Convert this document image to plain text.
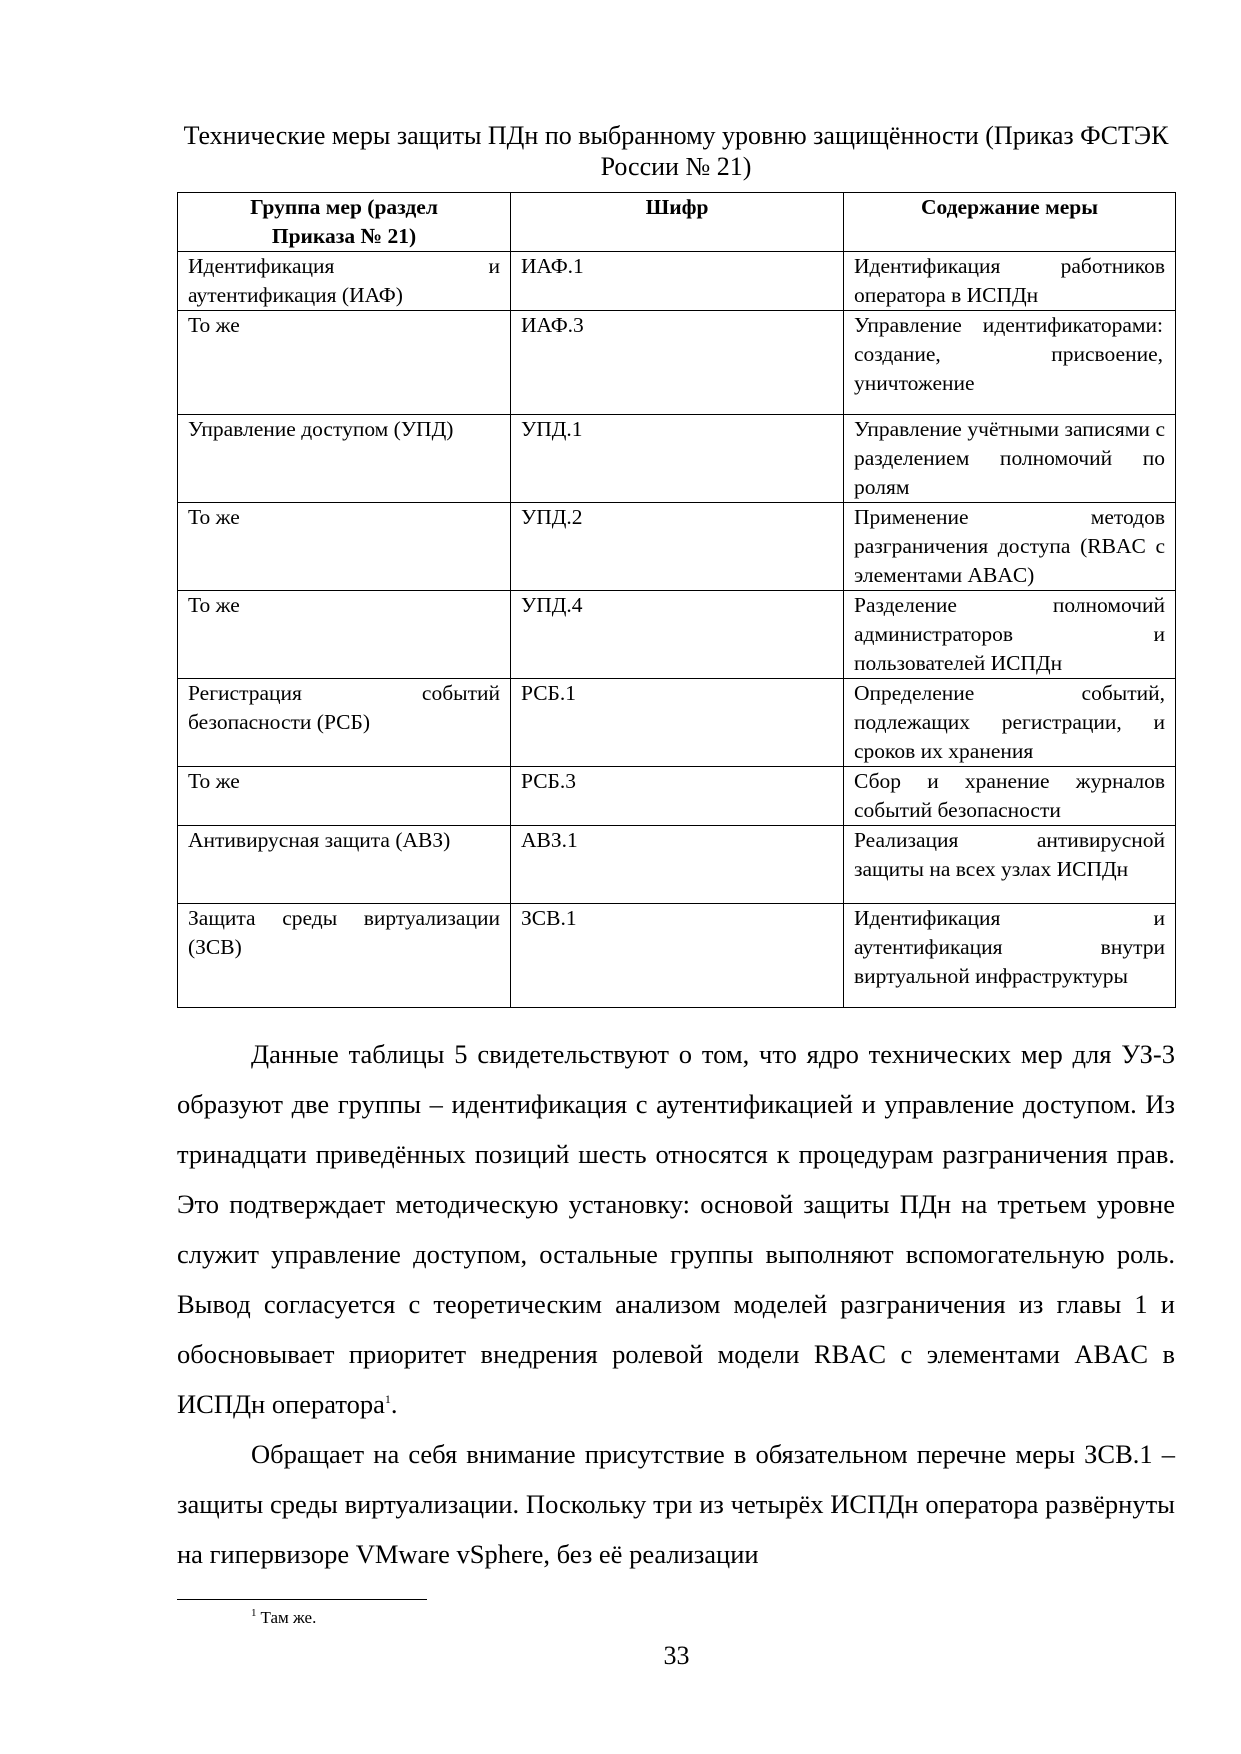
Технические меры защиты ПДн по выбранному уровню защищённости (Приказ ФСТЭК России № 21)
Группа мер (раздел Приказа № 21)	Шифр	Содержание меры
Идентификация и аутентификация (ИАФ)	ИАФ.1	Идентификация работников оператора в ИСПДн
То же	ИАФ.3	Управление идентификаторами: создание, присвоение, уничтожение
Управление доступом (УПД)	УПД.1	Управление учётными записями с разделением полномочий по ролям
То же	УПД.2	Применение методов разграничения доступа (RBAC с элементами ABAC)
То же	УПД.4	Разделение полномочий администраторов и пользователей ИСПДн
Регистрация событий безопасности (РСБ)	РСБ.1	Определение событий, подлежащих регистрации, и сроков их хранения
То же	РСБ.3	Сбор и хранение журналов событий безопасности
Антивирусная защита (АВЗ)	АВЗ.1	Реализация антивирусной защиты на всех узлах ИСПДн
Защита среды виртуализации (ЗСВ)	ЗСВ.1	Идентификация и аутентификация внутри виртуальной инфраструктуры

Данные таблицы 5 свидетельствуют о том, что ядро технических мер для УЗ-3 образуют две группы – идентификация с аутентификацией и управление доступом. Из тринадцати приведённых позиций шесть относятся к процедурам разграничения прав. Это подтверждает методическую установку: основой защиты ПДн на третьем уровне служит управление доступом, остальные группы выполняют вспомогательную роль. Вывод согласуется с теоретическим анализом моделей разграничения из главы 1 и обосновывает приоритет внедрения ролевой модели RBAC с элементами ABAC в ИСПДн оператора$^1$.

Обращает на себя внимание присутствие в обязательном перечне меры ЗСВ.1 – защиты среды виртуализации. Поскольку три из четырёх ИСПДн оператора развёрнуты на гипервизоре VMware vSphere, без её реализации

$^1$ Там же.
33
